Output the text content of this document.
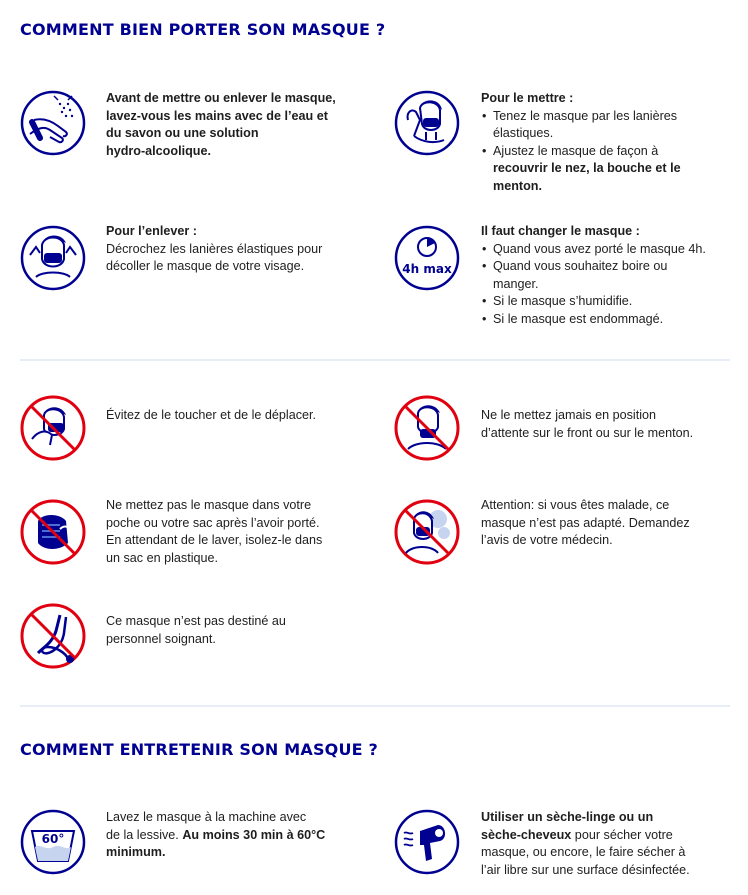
COMMENT BIEN PORTER SON MASQUE ?

Avant de mettre ou enlever le masque,

lavez-vous les mains avec de l’eau et

du savon ou une solution

hydro-alcoolique.

Pour le mettre :

• Tenez le masque par les lanières élastiques.
• Ajustez le masque de façon à recouvrir le nez, la bouche et le menton.

Pour l’enlever :

Décrochez les lanières élastiques pour

décoller le masque de votre visage.	4h max

Il faut changer le masque :

• Quand vous avez porté le masque 4h.
• Quand vous souhaitez boire ou manger.
• Si le masque s’humidifie.
• Si le masque est endommagé.

Évitez de le toucher et de le déplacer.	Ne le mettez jamais en position

d’attente sur le front ou sur le menton.

Ne mettez pas le masque dans votre

poche ou votre sac après l’avoir porté.

En attendant de le laver, isolez-le dans

un sac en plastique.

Attention: si vous êtes malade, ce

masque n’est pas adapté. Demandez

l’avis de votre médecin.

Ce masque n’est pas destiné au

personnel soignant.

COMMENT ENTRETENIR SON MASQUE ?
60°

Lavez le masque à la machine avec

de la lessive. Au moins 30 min à 60°C

minimum.

Utiliser un sèche-linge ou un

sèche-cheveux pour sécher votre

masque, ou encore, le faire sécher à

l’air libre sur une surface désinfectée.
